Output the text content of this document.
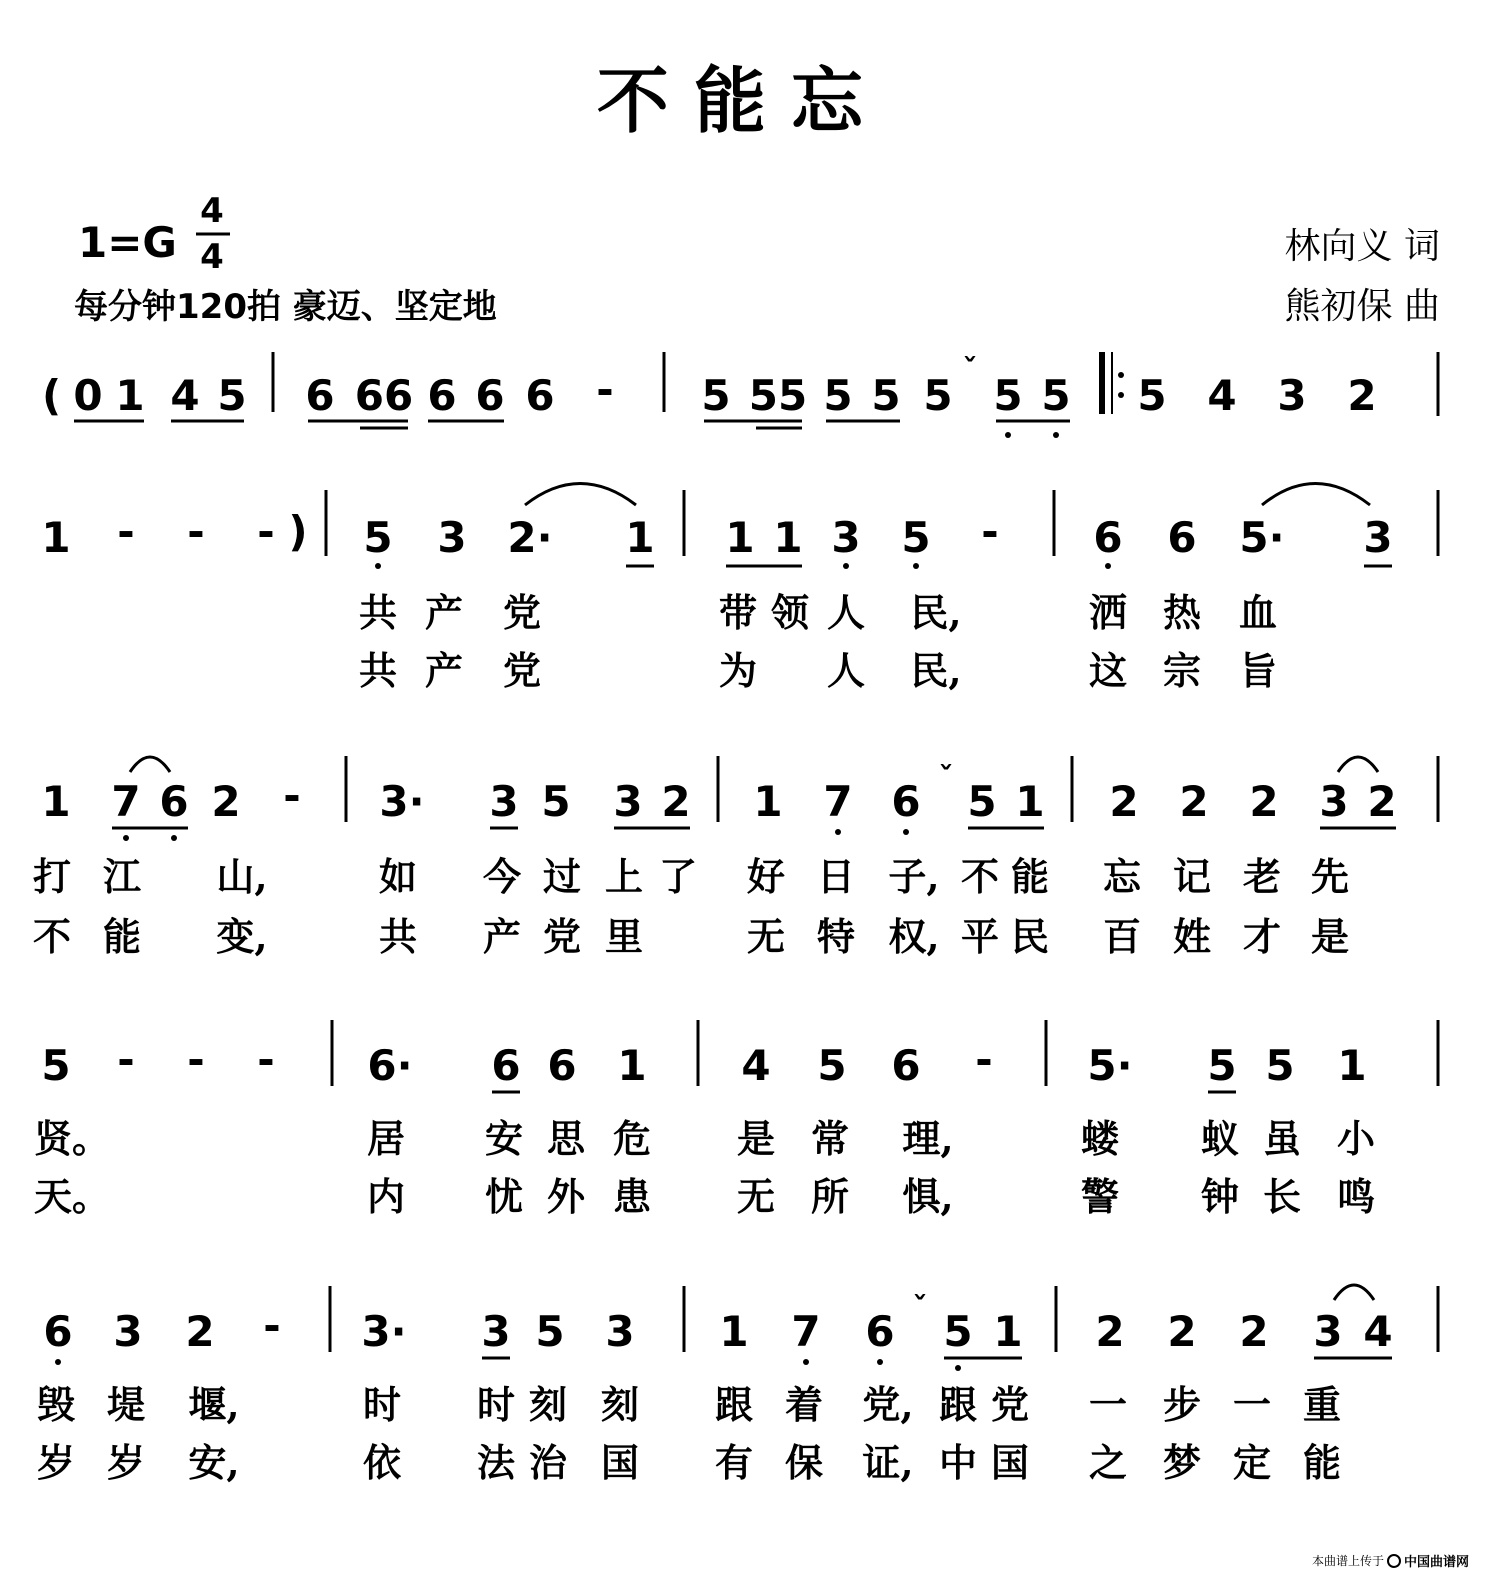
不 能 忘
1=G
4
4
每分钟120拍 豪迈、坚定地
林向义 词
熊初保 曲
( 0 1 4 5 6 66 6 6 6 - 5 55 5 5 5
ˇ
5 5 5 4 3 2
1 - - - ) 5 3 2· 1 1 1 3 5 - 6 6 5· 3
共 产 党	带 领 人 民,	洒 热 血
共 产 党	为 人 民,	这 宗 旨
1 7 6 2 - 3· 3 5 3 2 1 7 6 ˇ 5 1 2 2 2 3 2
打 江 山,	如 今 过 上 了 好 日 子, 不 能 忘 记 老 先
不 能 变,	共 产 党 里	无 特 权, 平 民 百 姓 才 是
5 - - - 6· 6 6 1 4 5 6 - 5· 5 5 1
贤。	居 安 思 危 是 常 理,	蝼 蚁 虽 小
天。	内 忧 外 患 无 所 惧,	警 钟 长 鸣
6 3 2 - 3· 3 5 3 1 7 6 ˇ 5 1 2 2 2 3 4
毁 堤 堰,	时 时 刻 刻 跟 着 党, 跟 党 一 步 一 重
岁 岁 安,	依 法 治 国 有 保 证, 中 国 之 梦 定 能
本曲谱上传于 中国曲谱网
